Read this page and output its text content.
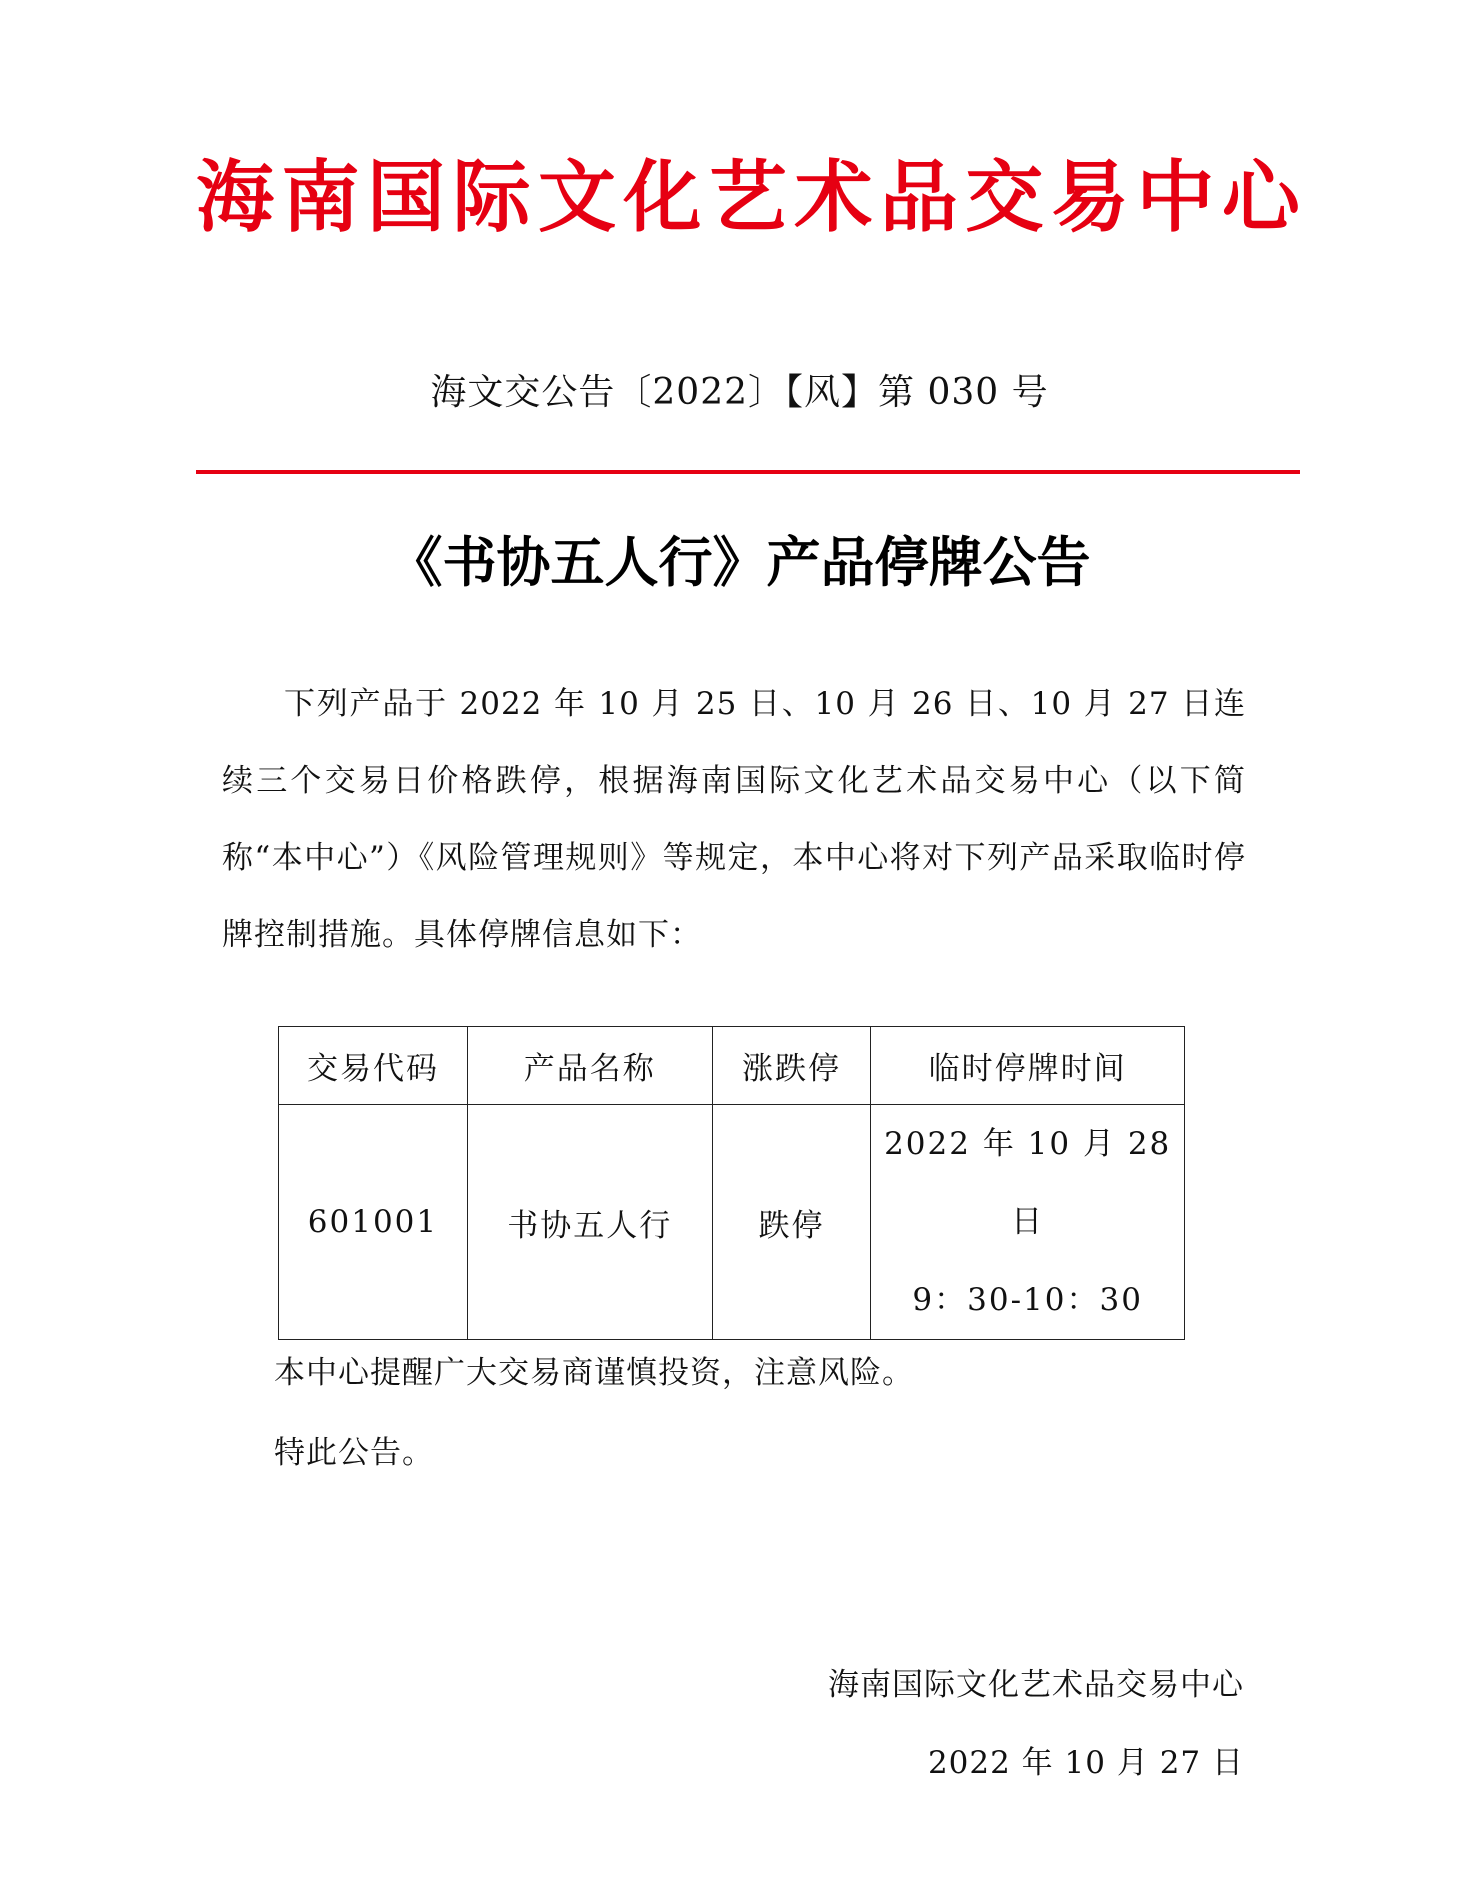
海 南 国 际 文 化 艺 术 品 交 易 中 心
海文交公告〔2022〕【风】第 030 号
《书协五人行》产品停牌公告

下列产品于 2022 年 10 月 25 日、10 月 26 日、10 月 27 日连续三个交易日价格跌停，根据海南国际文化艺术品交易中心（以下简称“本中心”）《风险管理规则》等规定，本中心将对下列产品采取临时停牌控制措施。具体停牌信息如下：

交易代码	产品名称	涨跌停	临时停牌时间
601001	书协五人行	跌停	2022 年 10 月 28 日
9：30-10：30
本中心提醒广大交易商谨慎投资，注意风险。
特此公告。
海南国际文化艺术品交易中心
2022 年 10 月 27 日
